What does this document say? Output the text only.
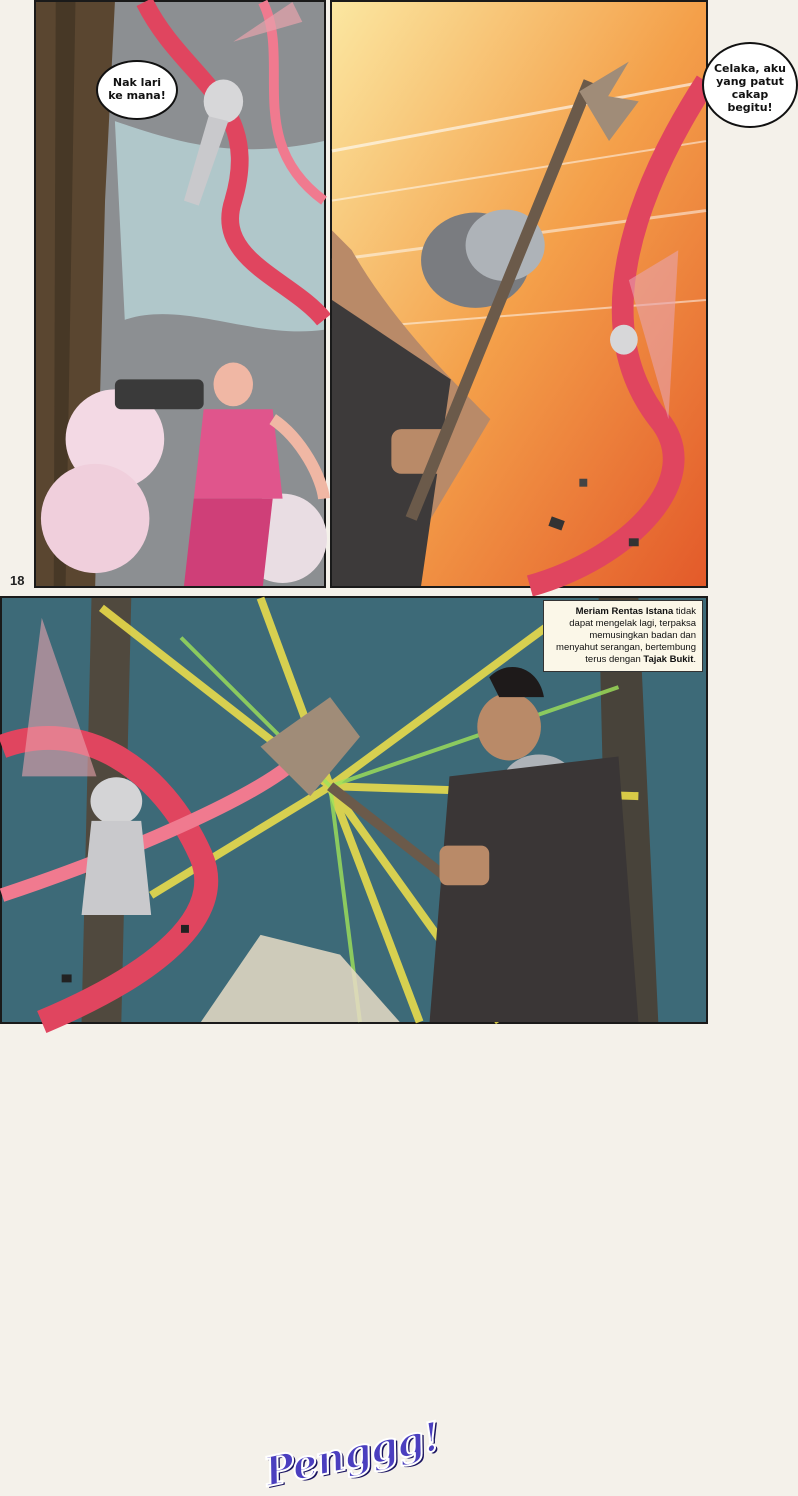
Nak lari
ke mana!
Celaka, aku
yang patut
cakap begitu!
18
Penggg!
Meriam Rentas Istana tidak dapat mengelak lagi, terpaksa memusingkan badan dan menyahut serangan, bertembung terus dengan Tajak Bukit.
